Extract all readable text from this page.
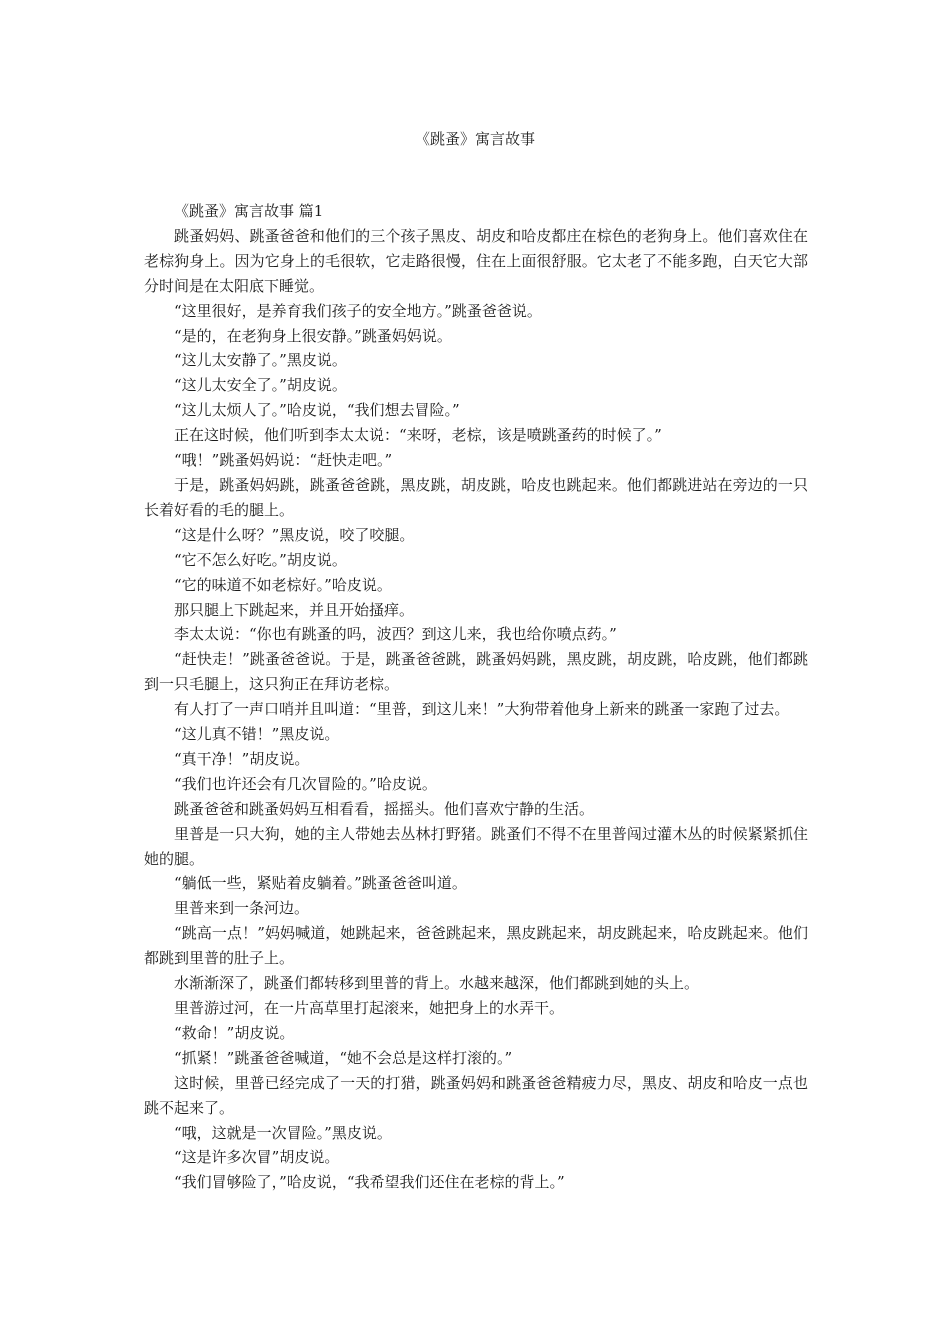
《跳蚤》寓言故事

《跳蚤》寓言故事 篇1

跳蚤妈妈、跳蚤爸爸和他们的三个孩子黑皮、胡皮和哈皮都庄在棕色的老狗身上。他们喜欢住在老棕狗身上。因为它身上的毛很软，它走路很慢，住在上面很舒服。它太老了不能多跑，白天它大部分时间是在太阳底下睡觉。

“这里很好，是养育我们孩子的安全地方。”跳蚤爸爸说。

“是的，在老狗身上很安静。”跳蚤妈妈说。

“这儿太安静了。”黑皮说。

“这儿太安全了。”胡皮说。

“这儿太烦人了。”哈皮说，“我们想去冒险。”

正在这时候，他们听到李太太说：“来呀，老棕，该是喷跳蚤药的时候了。”

“哦！”跳蚤妈妈说：“赶快走吧。”

于是，跳蚤妈妈跳，跳蚤爸爸跳，黑皮跳，胡皮跳，哈皮也跳起来。他们都跳进站在旁边的一只长着好看的毛的腿上。

“这是什么呀？”黑皮说，咬了咬腿。

“它不怎么好吃。”胡皮说。

“它的味道不如老棕好。”哈皮说。

那只腿上下跳起来，并且开始搔痒。

李太太说：“你也有跳蚤的吗，波西？到这儿来，我也给你喷点药。”

“赶快走！”跳蚤爸爸说。于是，跳蚤爸爸跳，跳蚤妈妈跳，黑皮跳，胡皮跳，哈皮跳，他们都跳到一只毛腿上，这只狗正在拜访老棕。

有人打了一声口哨并且叫道：“里普，到这儿来！”大狗带着他身上新来的跳蚤一家跑了过去。

“这儿真不错！”黑皮说。

“真干净！”胡皮说。

“我们也许还会有几次冒险的。”哈皮说。

跳蚤爸爸和跳蚤妈妈互相看看，摇摇头。他们喜欢宁静的生活。

里普是一只大狗，她的主人带她去丛林打野猪。跳蚤们不得不在里普闯过灌木丛的时候紧紧抓住她的腿。

“躺低一些，紧贴着皮躺着。”跳蚤爸爸叫道。

里普来到一条河边。

“跳高一点！”妈妈喊道，她跳起来，爸爸跳起来，黑皮跳起来，胡皮跳起来，哈皮跳起来。他们都跳到里普的肚子上。

水渐渐深了，跳蚤们都转移到里普的背上。水越来越深，他们都跳到她的头上。

里普游过河，在一片高草里打起滚来，她把身上的水弄干。

“救命！”胡皮说。

“抓紧！”跳蚤爸爸喊道，“她不会总是这样打滚的。”

这时候，里普已经完成了一天的打猎，跳蚤妈妈和跳蚤爸爸精疲力尽，黑皮、胡皮和哈皮一点也跳不起来了。

“哦，这就是一次冒险。”黑皮说。

“这是许多次冒”胡皮说。

“我们冒够险了，”哈皮说，“我希望我们还住在老棕的背上。”
